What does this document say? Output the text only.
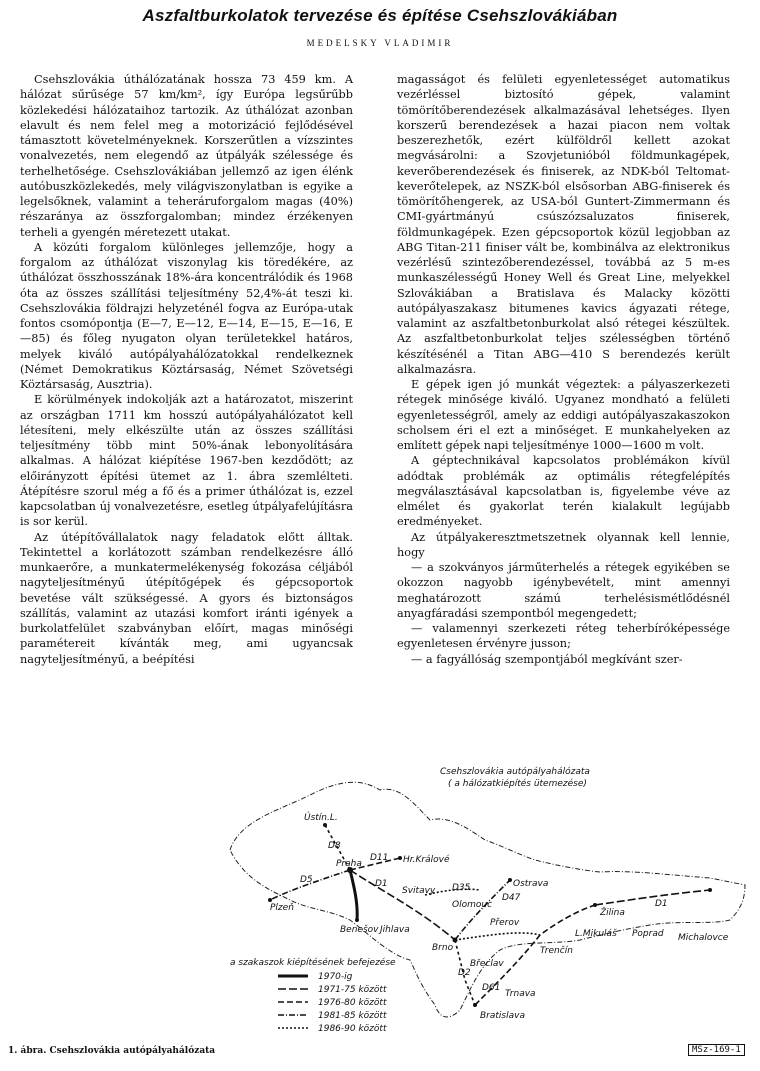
Aszfaltburkolatok tervezése és építése Csehszlovákiában
MEDELSKY VLADIMIR

Csehszlovákia úthálózatának hossza 73 459 km. A hálózat sűrűsége 57 km/km², így Európa legsűrűbb közlekedési hálózataihoz tartozik. Az úthálózat azonban elavult és nem felel meg a motorizáció fejlődésével támasztott követelményeknek. Korszerűtlen a vízszintes vonalvezetés, nem elegendő az útpályák szélessége és terhelhetősége. Csehszlovákiában jellemző az igen élénk autóbuszközlekedés, mely világviszonylatban is egyike a legelsőknek, valamint a teheráruforgalom magas (40%) részaránya az összforgalomban; mindez érzékenyen terheli a gyengén méretezett utakat.

A közúti forgalom különleges jellemzője, hogy a forgalom az úthálózat viszonylag kis töredékére, az úthálózat összhosszának 18%-ára koncentrálódik és 1968 óta az összes szállítási teljesítmény 52,4%-át teszi ki. Csehszlovákia földrajzi helyzeténél fogva az Európa-utak fontos csomópontja (E—7, E—12, E—14, E—15, E—16, E—85) és főleg nyugaton olyan területekkel határos, melyek kiváló autópályahálózatokkal rendelkeznek (Német Demokratikus Köztársaság, Német Szövetségi Köztársaság, Ausztria).

E körülmények indokolják azt a határozatot, miszerint az országban 1711 km hosszú autópályahálózatot kell létesíteni, mely elkészülte után az összes szállítási teljesítmény több mint 50%-ának lebonyolítására alkalmas. A hálózat kiépítése 1967-ben kezdődött; az előirányzott építési ütemet az 1. ábra szemlélteti. Átépítésre szorul még a fő és a primer úthálózat is, ezzel kapcsolatban új vonalvezetésre, esetleg útpályafelújításra is sor kerül.

Az útépítővállalatok nagy feladatok előtt álltak. Tekintettel a korlátozott számban rendelkezésre álló munkaerőre, a munkatermelékenység fokozása céljából nagyteljesítményű útépítőgépek és gépcsoportok bevetése vált szükségessé. A gyors és biztonságos szállítás, valamint az utazási komfort iránti igények a burkolatfelület szabványban előírt, magas minőségi paramétereit kívánták meg, ami ugyancsak nagyteljesítményű, a beépítési

magasságot és felületi egyenletességet automatikus vezérléssel biztosító gépek, valamint tömörítőberendezések alkalmazásával lehetséges. Ilyen korszerű berendezések a hazai piacon nem voltak beszerezhetők, ezért külföldről kellett azokat megvásárolni: a Szovjetunióból földmunkagépek, keverőberendezések és finiserek, az NDK-ból Teltomat-keverőtelepek, az NSZK-ból elsősorban ABG-finiserek és tömörítőhengerek, az USA-ból Guntert-Zimmermann és CMI-gyártmányú csúszózsaluzatos finiserek, földmunkagépek. Ezen gépcsoportok közül legjobban az ABG Titan-211 finiser vált be, kombinálva az elektronikus vezérlésű szintezőberendezéssel, továbbá az 5 m-es munkaszélességű Honey Well és Great Line, melyekkel Szlovákiában a Bratislava és Malacky közötti autópályaszakasz bitumenes kavics ágyazati rétege, valamint az aszfaltbetonburkolat alsó rétegei készültek. Az aszfaltbetonburkolat teljes szélességben történő készítésénél a Titan ABG—410 S berendezés került alkalmazásra.

E gépek igen jó munkát végeztek: a pályaszerkezeti rétegek minősége kiváló. Ugyanez mondható a felületi egyenletességről, amely az eddigi autópályaszakaszokon scholsem éri el ezt a minőséget. E munkahelyeken az említett gépek napi teljesítménye 1000—1600 m volt.

A géptechnikával kapcsolatos problémákon kívül adódtak problémák az optimális rétegfelépítés megválasztásával kapcsolatban is, figyelembe véve az elmélet és gyakorlat terén kialakult legújabb eredményeket.

Az útpályakeresztmetszetnek olyannak kell lennie, hogy

— a szokványos járműterhelés a rétegek egyikében se okozzon nagyobb igénybevételt, mint amennyi meghatározott számú terhelésismétlődésnél anyagfáradási szempontból megengedett;

— valamennyi szerkezeti réteg teherbíróképessége egyenletesen érvényre jusson;

— a fagyállóság szempontjából megkívánt szer-

Csehszlovákia autópályahálózata
( a hálózatkiépítés ütemezése)
Ústín.L.
Praha	Hr.Králové
Plzeň
Benešov
Svitavy
Olomouc
Ostrava
Jihlava
Přerov
Brno
Žilina
L.Mikuláš Poprad Michalovce
Břeclav
Trenčín
Trnava
Bratislava
D8
D11
D5	D1	D35
D47
D2
D61
D1
a szakaszok kiépítésének befejezése
1970-ig
1971-75 között
1976-80 között
1981-85 között
1986-90 között
1. ábra. Csehszlovákia autópályahálózata	MSz-169-1
